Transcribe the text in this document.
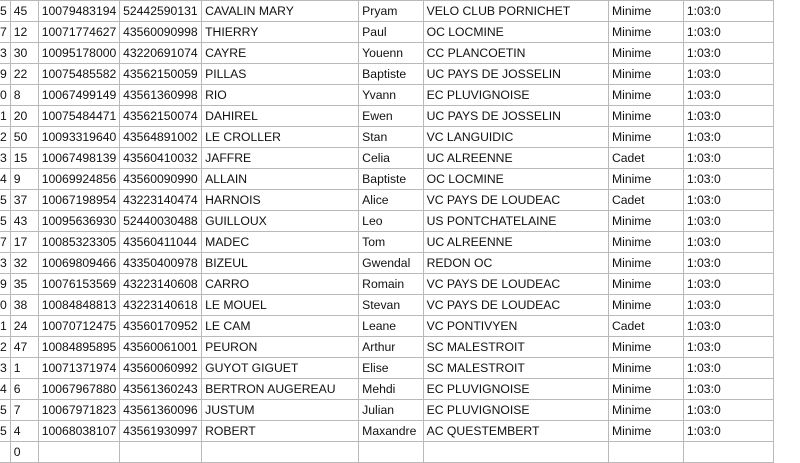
5	45	10079483194	52442590131	CAVALIN MARY	Pryam	VELO CLUB PORNICHET	Minime	1:03:0
7	12	10071774627	43560090998	THIERRY	Paul	OC LOCMINE	Minime	1:03:0
3	30	10095178000	43220691074	CAYRE	Youenn	CC PLANCOETIN	Minime	1:03:0
9	22	10075485582	43562150059	PILLAS	Baptiste	UC PAYS DE JOSSELIN	Minime	1:03:0
0	8	10067499149	43561360998	RIO	Yvann	EC PLUVIGNOISE	Minime	1:03:0
1	20	10075484471	43562150074	DAHIREL	Ewen	UC PAYS DE JOSSELIN	Minime	1:03:0
2	50	10093319640	43564891002	LE CROLLER	Stan	VC LANGUIDIC	Minime	1:03:0
3	15	10067498139	43560410032	JAFFRE	Celia	UC ALREENNE	Cadet	1:03:0
4	9	10069924856	43560090990	ALLAIN	Baptiste	OC LOCMINE	Minime	1:03:0
5	37	10067198954	43223140474	HARNOIS	Alice	VC PAYS DE LOUDEAC	Cadet	1:03:0
5	43	10095636930	52440030488	GUILLOUX	Leo	US PONTCHATELAINE	Minime	1:03:0
7	17	10085323305	43560411044	MADEC	Tom	UC ALREENNE	Minime	1:03:0
3	32	10069809466	43350400978	BIZEUL	Gwendal	REDON OC	Minime	1:03:0
9	35	10076153569	43223140608	CARRO	Romain	VC PAYS DE LOUDEAC	Minime	1:03:0
0	38	10084848813	43223140618	LE MOUEL	Stevan	VC PAYS DE LOUDEAC	Minime	1:03:0
1	24	10070712475	43560170952	LE CAM	Leane	VC PONTIVYEN	Cadet	1:03:0
2	47	10084895895	43560061001	PEURON	Arthur	SC MALESTROIT	Minime	1:03:0
3	1	10071371974	43560060992	GUYOT GIGUET	Elise	SC MALESTROIT	Minime	1:03:0
4	6	10067967880	43561360243	BERTRON AUGEREAU	Mehdi	EC PLUVIGNOISE	Minime	1:03:0
5	7	10067971823	43561360096	JUSTUM	Julian	EC PLUVIGNOISE	Minime	1:03:0
5	4	10068038107	43561930997	ROBERT	Maxandre	AC QUESTEMBERT	Minime	1:03:0
	0							
